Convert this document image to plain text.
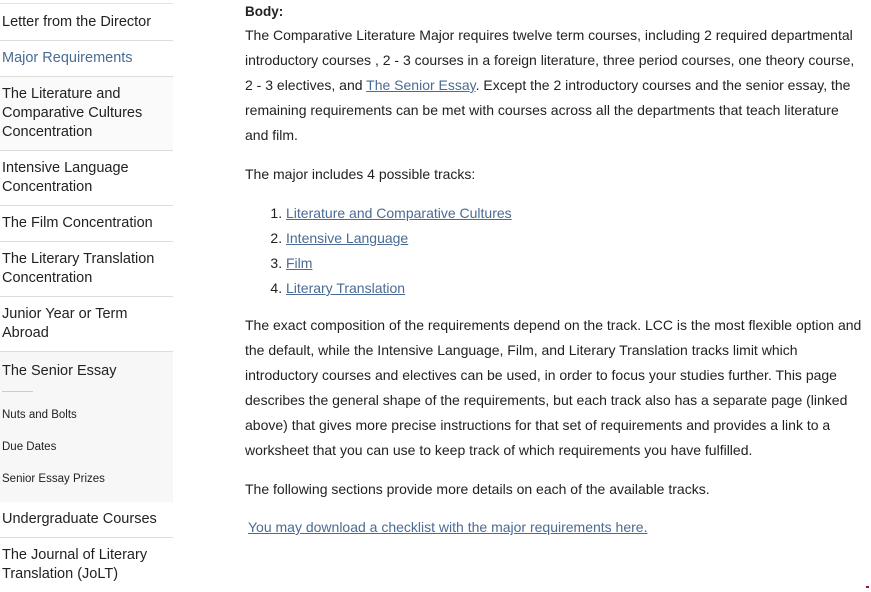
Letter from the Director
Major Requirements
The Literature and Comparative Cultures Concentration
Intensive Language Concentration
The Film Concentration
The Literary Translation Concentration
Junior Year or Term Abroad
The Senior Essay
Nuts and Bolts
Due Dates
Senior Essay Prizes
Undergraduate Courses
The Journal of Literary Translation (JoLT)
Body:

The Comparative Literature Major requires twelve term courses, including 2 required departmental introductory courses , 2 - 3 courses in a foreign literature, three period courses, one theory course, 2 - 3 electives, and The Senior Essay. Except the 2 introductory courses and the senior essay, the remaining requirements can be met with courses across all the departments that teach literature and film.

The major includes 4 possible tracks:

1. Literature and Comparative Cultures
2. Intensive Language
3. Film
4. Literary Translation

The exact composition of the requirements depend on the track. LCC is the most flexible option and the default, while the Intensive Language, Film, and Literary Translation tracks limit which introductory courses and electives can be used, in order to focus your studies further. This page describes the general shape of the requirements, but each track also has a separate page (linked above) that gives more precise instructions for that set of requirements and provides a link to a worksheet that you can use to keep track of which requirements you have fulfilled.

The following sections provide more details on each of the available tracks.

You may download a checklist with the major requirements here.
